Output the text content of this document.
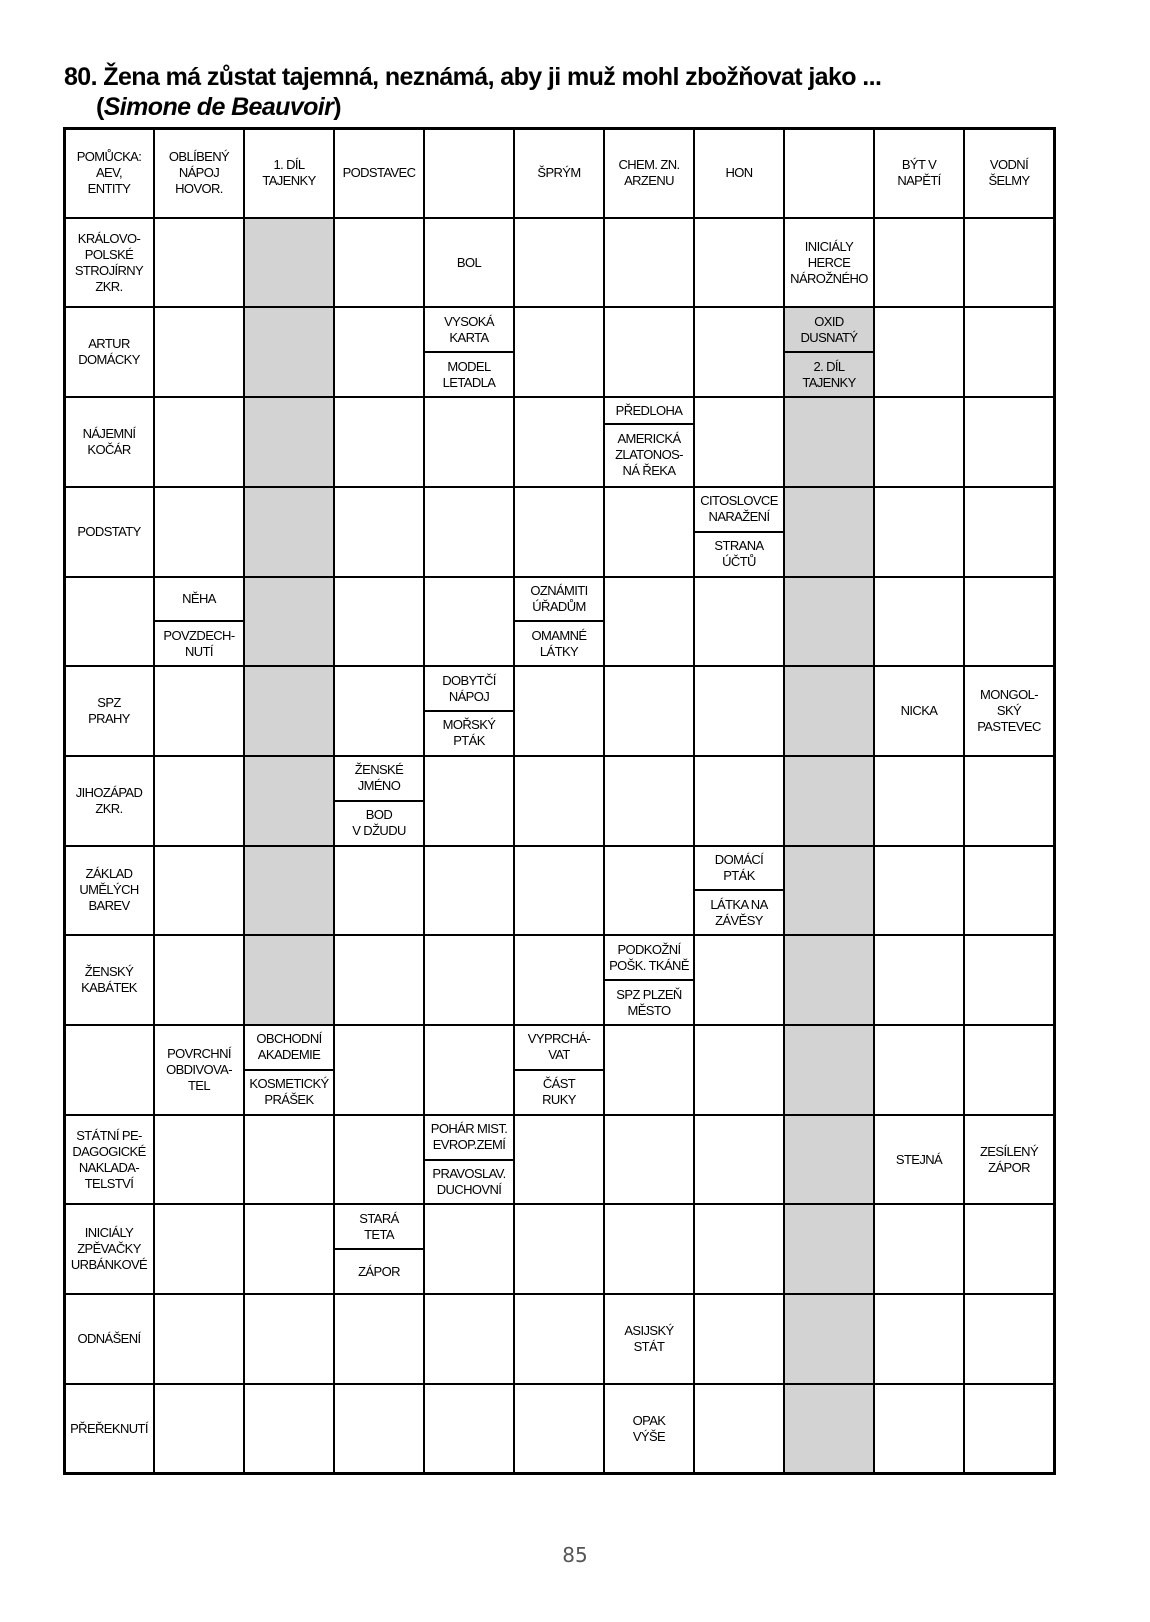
80. Žena má zůstat tajemná, neznámá, aby ji muž mohl zbožňovat jako ...
(Simone de Beauvoir)
POMŮCKA:
AEV,
ENTITY
OBLÍBENÝ
NÁPOJ
HOVOR.
1. DÍL
TAJENKY
PODSTAVEC	ŠPRÝM
CHEM. ZN.
ARZENU
HON
BÝT V
NAPĚTÍ
VODNÍ
ŠELMY
KRÁLOVO-
POLSKÉ
STROJÍRNY
ZKR.
BOL
INICIÁLY
HERCE
NÁROŽNÉHO
ARTUR
DOMÁCKY
VYSOKÁ
KARTA
MODEL
LETADLA
OXID
DUSNATÝ
2. DÍL
TAJENKY
NÁJEMNÍ
KOČÁR
PŘEDLOHA
AMERICKÁ
ZLATONOS-
NÁ ŘEKA
PODSTATY
CITOSLOVCE
NARAŽENÍ
STRANA
ÚČTŮ
NĚHA
POVZDECH-
NUTÍ
OZNÁMITI
ÚŘADŮM
OMAMNÉ
LÁTKY
SPZ
PRAHY
DOBYTČÍ
NÁPOJ
MOŘSKÝ
PTÁK
NICKA
MONGOL-
SKÝ
PASTEVEC
JIHOZÁPAD
ZKR.
ŽENSKÉ
JMÉNO
BOD
V DŽUDU
ZÁKLAD
UMĚLÝCH
BAREV
DOMÁCÍ
PTÁK
LÁTKA NA
ZÁVĚSY
ŽENSKÝ
KABÁTEK
PODKOŽNÍ
POŠK. TKÁNĚ
SPZ PLZEŇ
MĚSTO
POVRCHNÍ
OBDIVOVA-
TEL
OBCHODNÍ
AKADEMIE
KOSMETICKÝ
PRÁŠEK
VYPRCHÁ-
VAT
ČÁST
RUKY
STÁTNÍ PE-
DAGOGICKÉ
NAKLADA-
TELSTVÍ
POHÁR MIST.
EVROP.ZEMÍ
PRAVOSLAV.
DUCHOVNÍ
STEJNÁ
ZESÍLENÝ
ZÁPOR
INICIÁLY
ZPĚVAČKY
URBÁNKOVÉ
STARÁ
TETA
ZÁPOR
ODNÁŠENÍ
ASIJSKÝ
STÁT
PŘEŘEKNUTÍ
OPAK
VÝŠE
85
